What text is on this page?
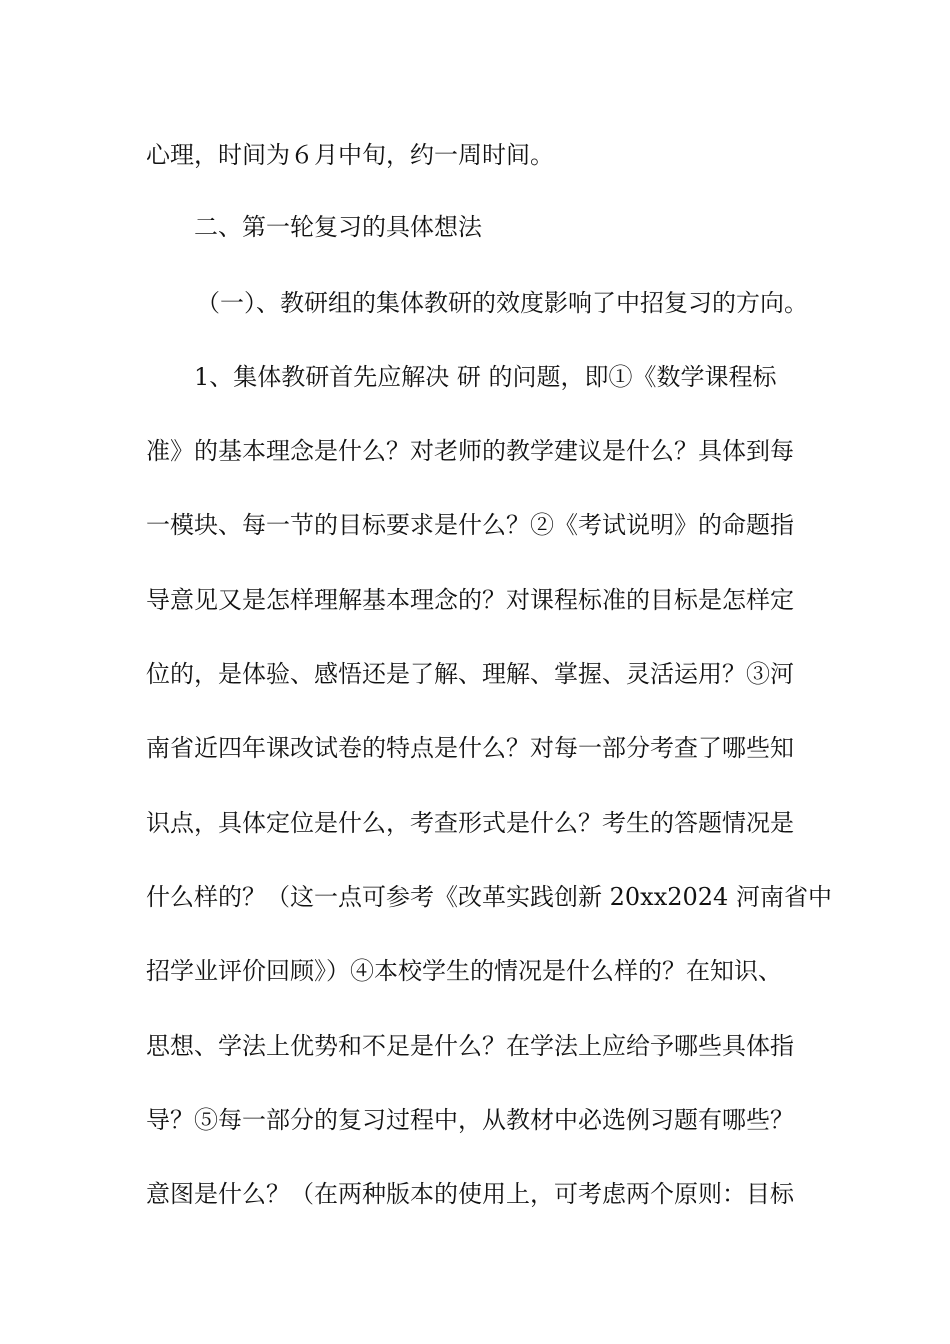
心理，时间为６月中旬，约一周时间。
二、第一轮复习的具体想法
（一）、教研组的集体教研的效度影响了中招复习的方向。
1、集体教研首先应解决 研 的问题，即①《数学课程标
准》的基本理念是什么？对老师的教学建议是什么？具体到每
一模块、每一节的目标要求是什么？②《考试说明》的命题指
导意见又是怎样理解基本理念的？对课程标准的目标是怎样定
位的，是体验、感悟还是了解、理解、掌握、灵活运用？③河
南省近四年课改试卷的特点是什么？对每一部分考查了哪些知
识点，具体定位是什么，考查形式是什么？考生的答题情况是
什么样的？（这一点可参考《改革实践创新 20xx2024 河南省中
招学业评价回顾》）④本校学生的情况是什么样的？在知识、
思想、学法上优势和不足是什么？在学法上应给予哪些具体指
导？⑤每一部分的复习过程中，从教材中必选例习题有哪些？
意图是什么？（在两种版本的使用上，可考虑两个原则：目标
